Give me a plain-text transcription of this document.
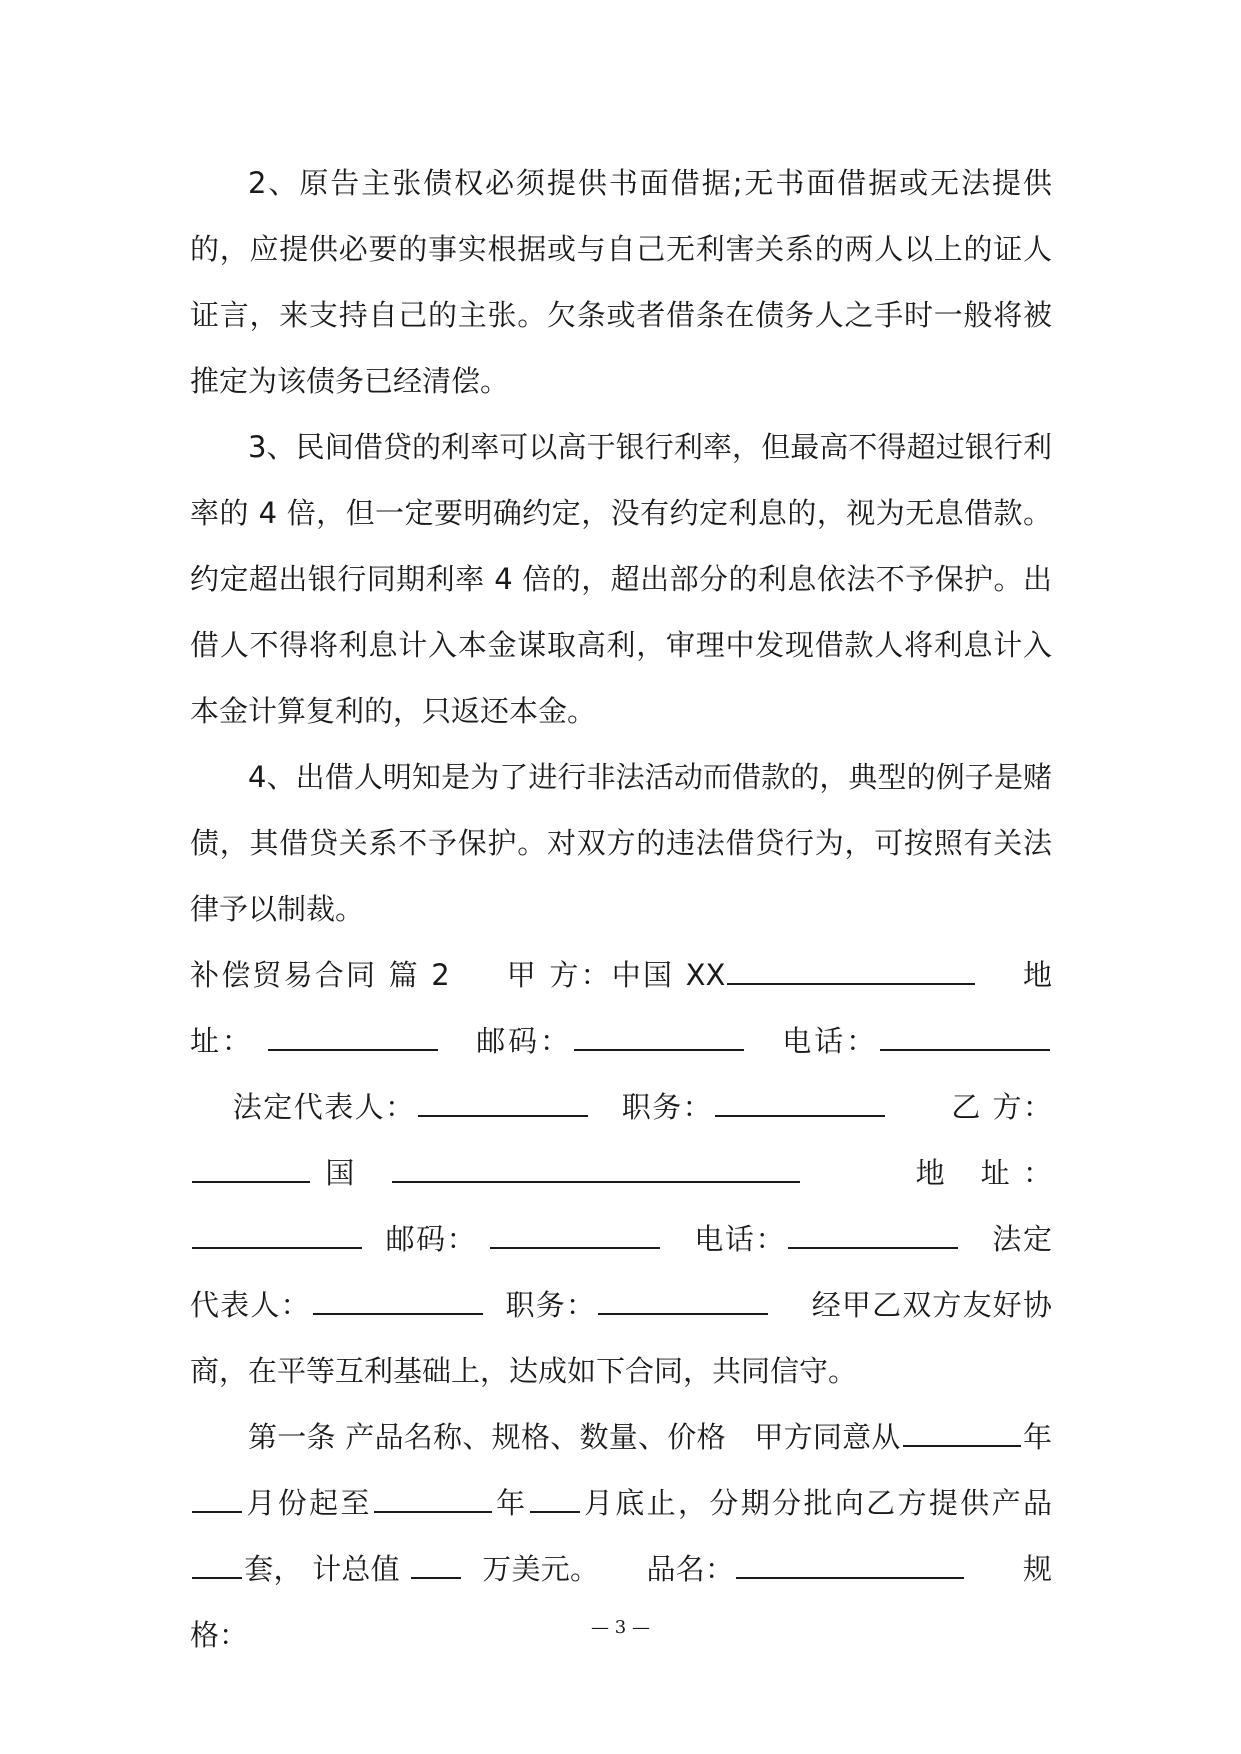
2、原告主张债权必须提供书面借据;无书面借据或无法提供的，应提供必要的事实根据或与自己无利害关系的两人以上的证人证言，来支持自己的主张。欠条或者借条在债务人之手时一般将被推定为该债务已经清偿。

3、民间借贷的利率可以高于银行利率，但最高不得超过银行利率的 4 倍，但一定要明确约定，没有约定利息的，视为无息借款。约定超出银行同期利率 4 倍的，超出部分的利息依法不予保护。出借人不得将利息计入本金谋取高利，审理中发现借款人将利息计入本金计算复利的，只返还本金。

4、出借人明知是为了进行非法活动而借款的，典型的例子是赌债，其借贷关系不予保护。对双方的违法借贷行为，可按照有关法律予以制裁。

补偿贸易合同 篇 2 甲 方：中国 XX	地 址：	邮码：	电话：    法定代表人：	职务：	乙 方：国	地 址：  邮码：	电话：	法定代表人：	职务：	经甲乙双方友好协商，在平等互利基础上，达成如下合同，共同信守。

第一条 产品名称、规格、数量、价格 甲方同意从	年月份起至	年 月底止，分期分批向乙方提供产品套， 计总值	万美元。 品名：	规格：	— 3 —
